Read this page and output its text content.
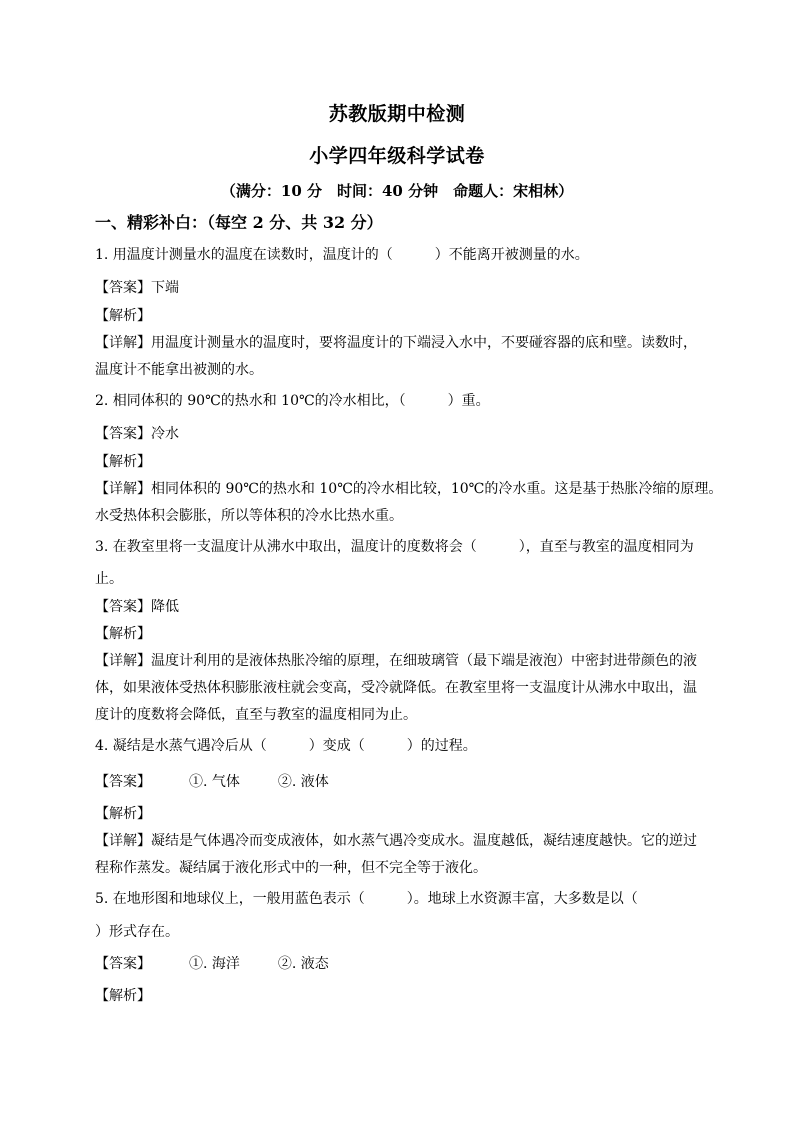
苏教版期中检测
小学四年级科学试卷
（满分：10 分　时间：40 分钟　命题人：宋相林）
一、精彩补白：（每空 2 分、共 32 分）
1. 用温度计测量水的温度在读数时，温度计的（　　　）不能离开被测量的水。
【答案】下端
【解析】
【详解】用温度计测量水的温度时，要将温度计的下端浸入水中，不要碰容器的底和壁。读数时，
温度计不能拿出被测的水。
2. 相同体积的 90℃的热水和 10℃的冷水相比，（　　　）重。
【答案】冷水
【解析】
【详解】相同体积的 90℃的热水和 10℃的冷水相比较，10℃的冷水重。这是基于热胀冷缩的原理。
水受热体积会膨胀，所以等体积的冷水比热水重。
3. 在教室里将一支温度计从沸水中取出，温度计的度数将会（　　　），直至与教室的温度相同为
止。
【答案】降低
【解析】
【详解】温度计利用的是液体热胀冷缩的原理，在细玻璃管（最下端是液泡）中密封进带颜色的液
体，如果液体受热体积膨胀液柱就会变高，受冷就降低。在教室里将一支温度计从沸水中取出，温
度计的度数将会降低，直至与教室的温度相同为止。
4. 凝结是水蒸气遇冷后从（　　　）变成（　　　）的过程。
【答案】	①. 气体	②. 液体
【解析】
【详解】凝结是气体遇冷而变成液体，如水蒸气遇冷变成水。温度越低，凝结速度越快。它的逆过
程称作蒸发。凝结属于液化形式中的一种，但不完全等于液化。
5. 在地形图和地球仪上，一般用蓝色表示（　　　）。地球上水资源丰富，大多数是以（
）形式存在。
【答案】	①. 海洋	②. 液态
【解析】
